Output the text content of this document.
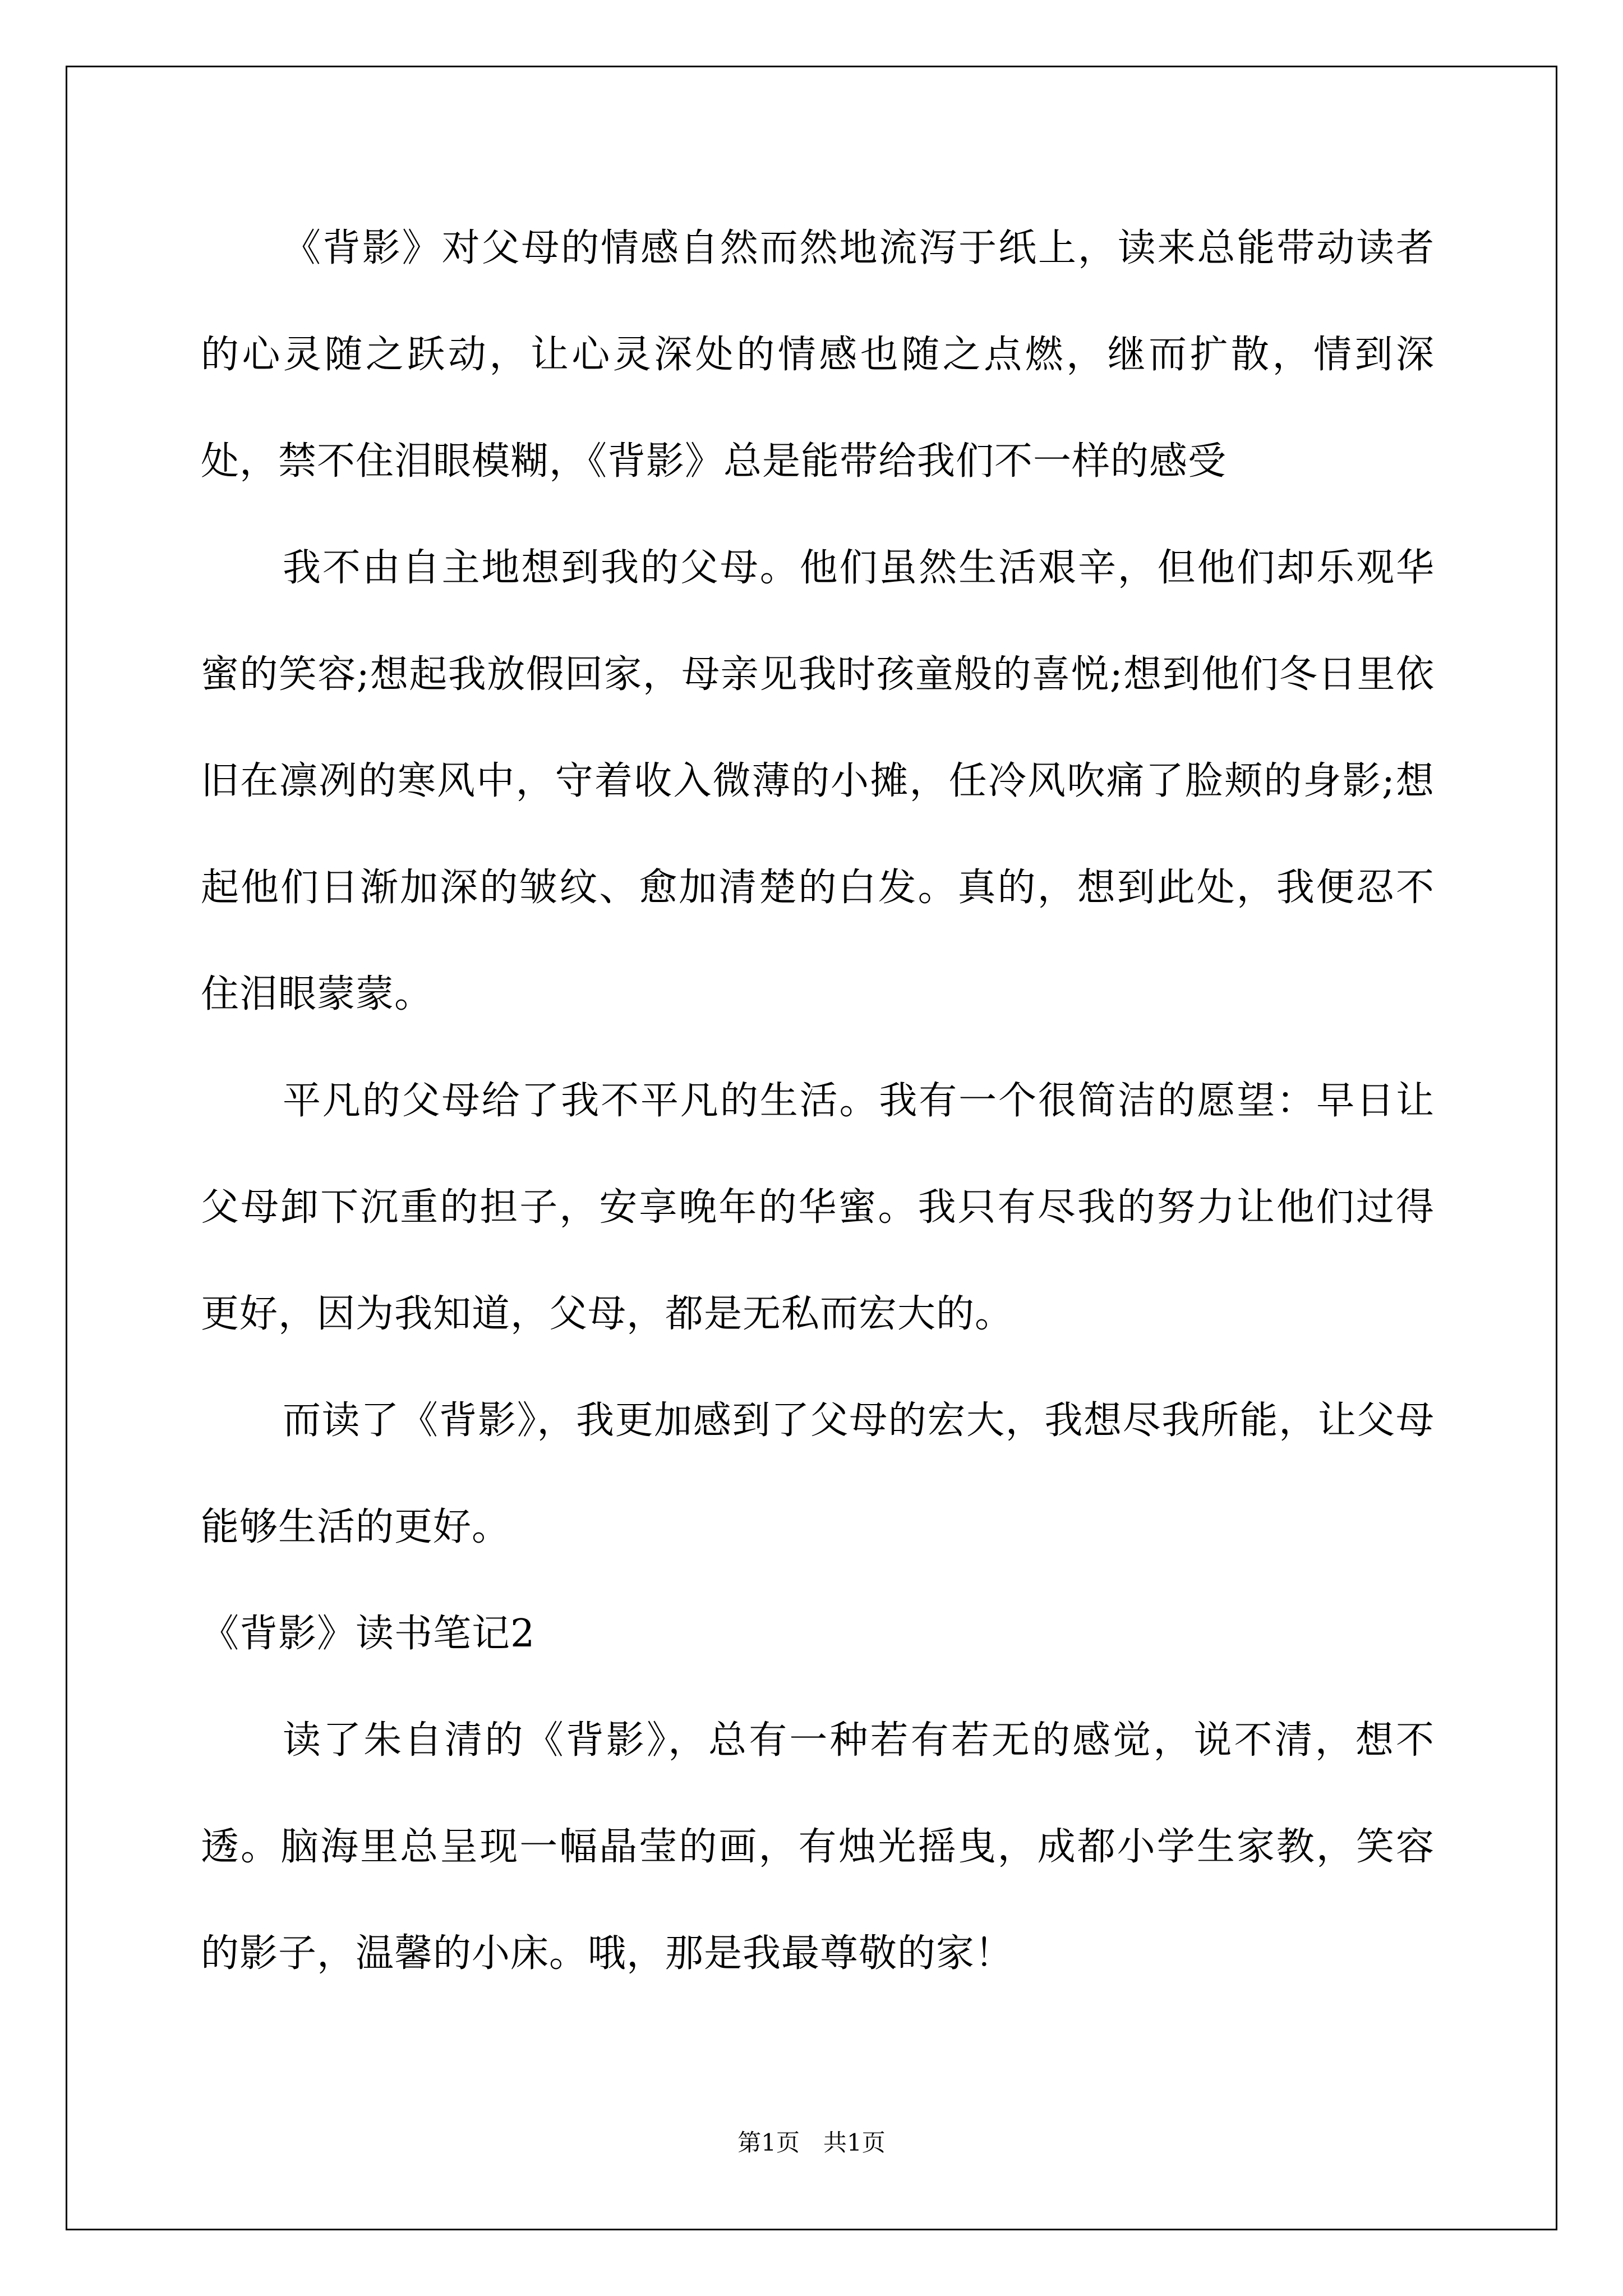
《背影》对父母的情感自然而然地流泻于纸上，读来总能带动读者的心灵随之跃动，让心灵深处的情感也随之点燃，继而扩散，情到深处，禁不住泪眼模糊，《背影》总是能带给我们不一样的感受

我不由自主地想到我的父母。他们虽然生活艰辛，但他们却乐观华蜜的笑容;想起我放假回家，母亲见我时孩童般的喜悦;想到他们冬日里依旧在凛冽的寒风中，守着收入微薄的小摊，任冷风吹痛了脸颊的身影;想起他们日渐加深的皱纹、愈加清楚的白发。真的，想到此处，我便忍不住泪眼蒙蒙。

平凡的父母给了我不平凡的生活。我有一个很简洁的愿望：早日让父母卸下沉重的担子，安享晚年的华蜜。我只有尽我的努力让他们过得更好，因为我知道，父母，都是无私而宏大的。

而读了《背影》，我更加感到了父母的宏大，我想尽我所能，让父母能够生活的更好。

《背影》读书笔记2

读了朱自清的《背影》，总有一种若有若无的感觉，说不清，想不透。脑海里总呈现一幅晶莹的画，有烛光摇曳，成都小学生家教，笑容的影子，温馨的小床。哦，那是我最尊敬的家！

第1页　共1页
